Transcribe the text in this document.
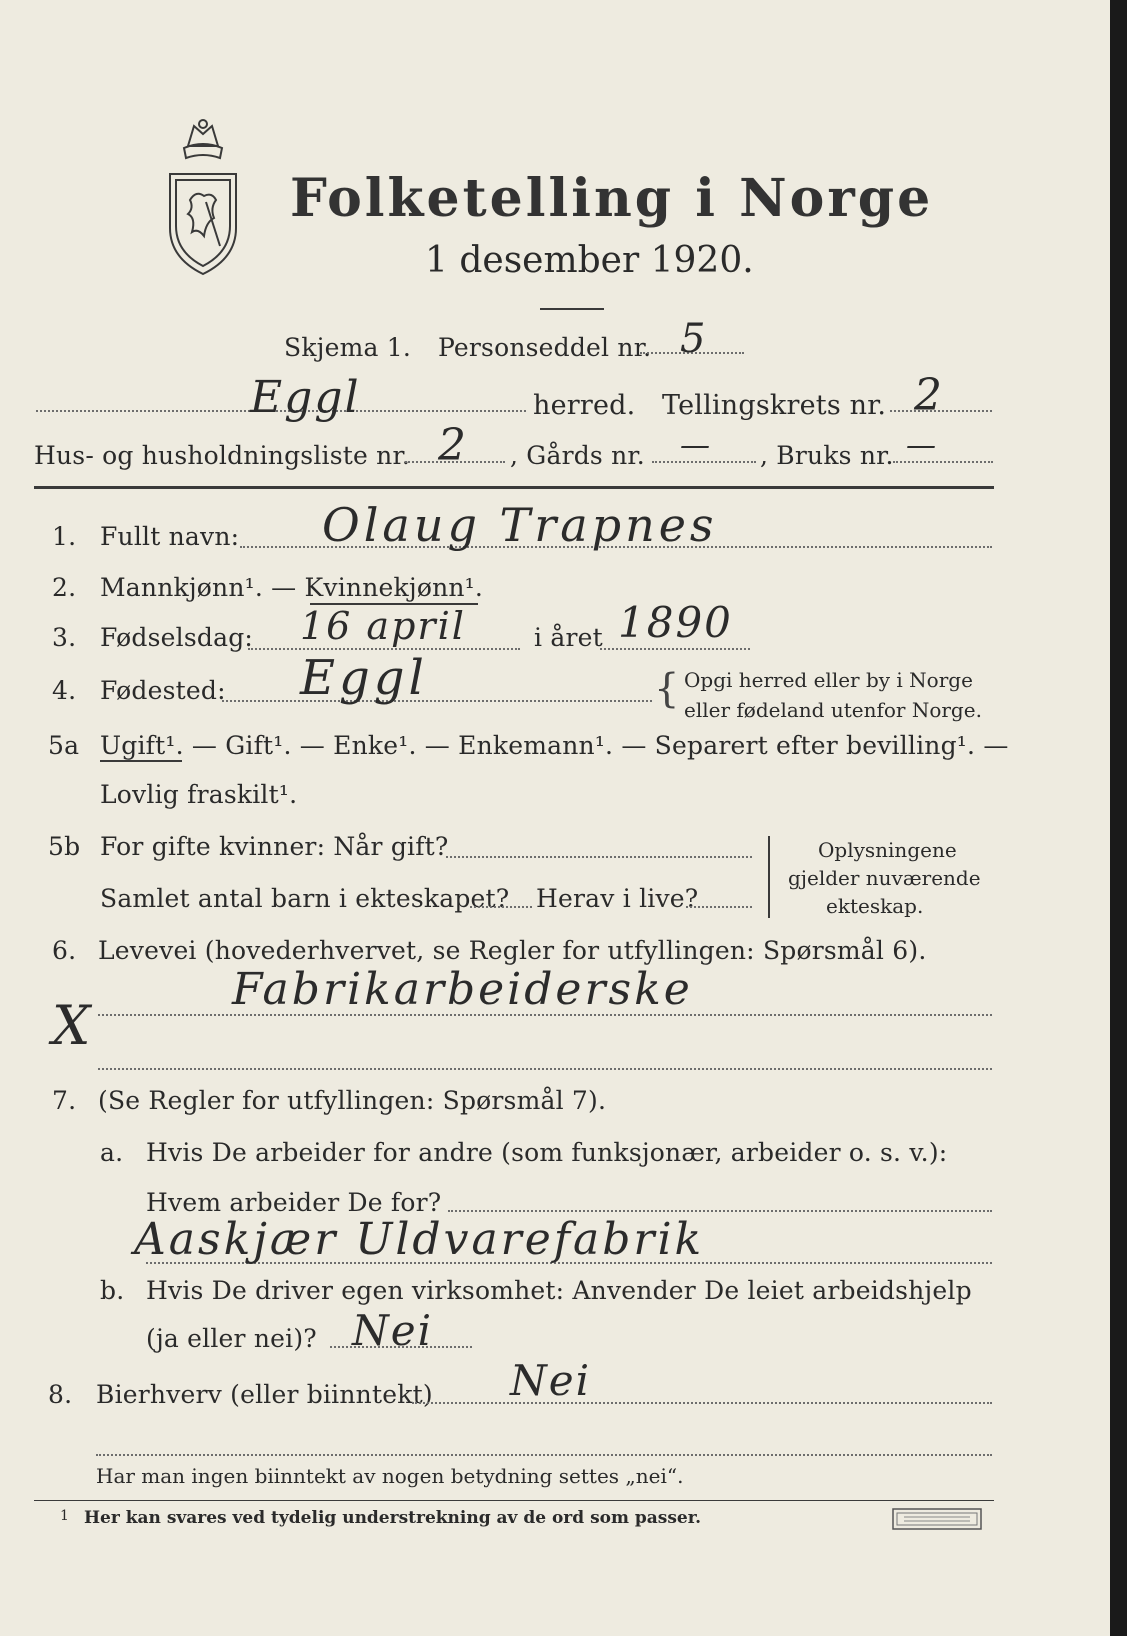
Folketelling i Norge
1 desember 1920.
Skjema 1. Personseddel nr. 5
Eggl	herred. Tellingskrets nr. 2
Hus- og husholdningsliste nr. 2 , Gårds nr. — , Bruks nr. —
1. Fullt navn: Olaug Trapnes
2. Mannkjønn¹. — Kvinnekjønn¹.
3. Fødselsdag: 16 april	i året 1890
4. Fødested: Eggl	{ Opgi herred eller by i Norge
eller fødeland utenfor Norge.
5a Ugift¹. — Gift¹. — Enke¹. — Enkemann¹. — Separert efter bevilling¹. —
Lovlig fraskilt¹.
5b For gifte kvinner: Når gift?
Samlet antal barn i ekteskapet? Herav i live?
Oplysningene
gjelder nuværende
ekteskap.
6. Levevei (hovederhvervet, se Regler for utfyllingen: Spørsmål 6).
X
Fabrikarbeiderske
7. (Se Regler for utfyllingen: Spørsmål 7).
a. Hvis De arbeider for andre (som funksjonær, arbeider o. s. v.):
Hvem arbeider De for?
Aaskjær Uldvarefabrik
b. Hvis De driver egen virksomhet: Anvender De leiet arbeidshjelp
(ja eller nei)? Nei
8. Bierhverv (eller biinntekt) Nei
Har man ingen biinntekt av nogen betydning settes „nei“.
1 Her kan svares ved tydelig understrekning av de ord som passer.
